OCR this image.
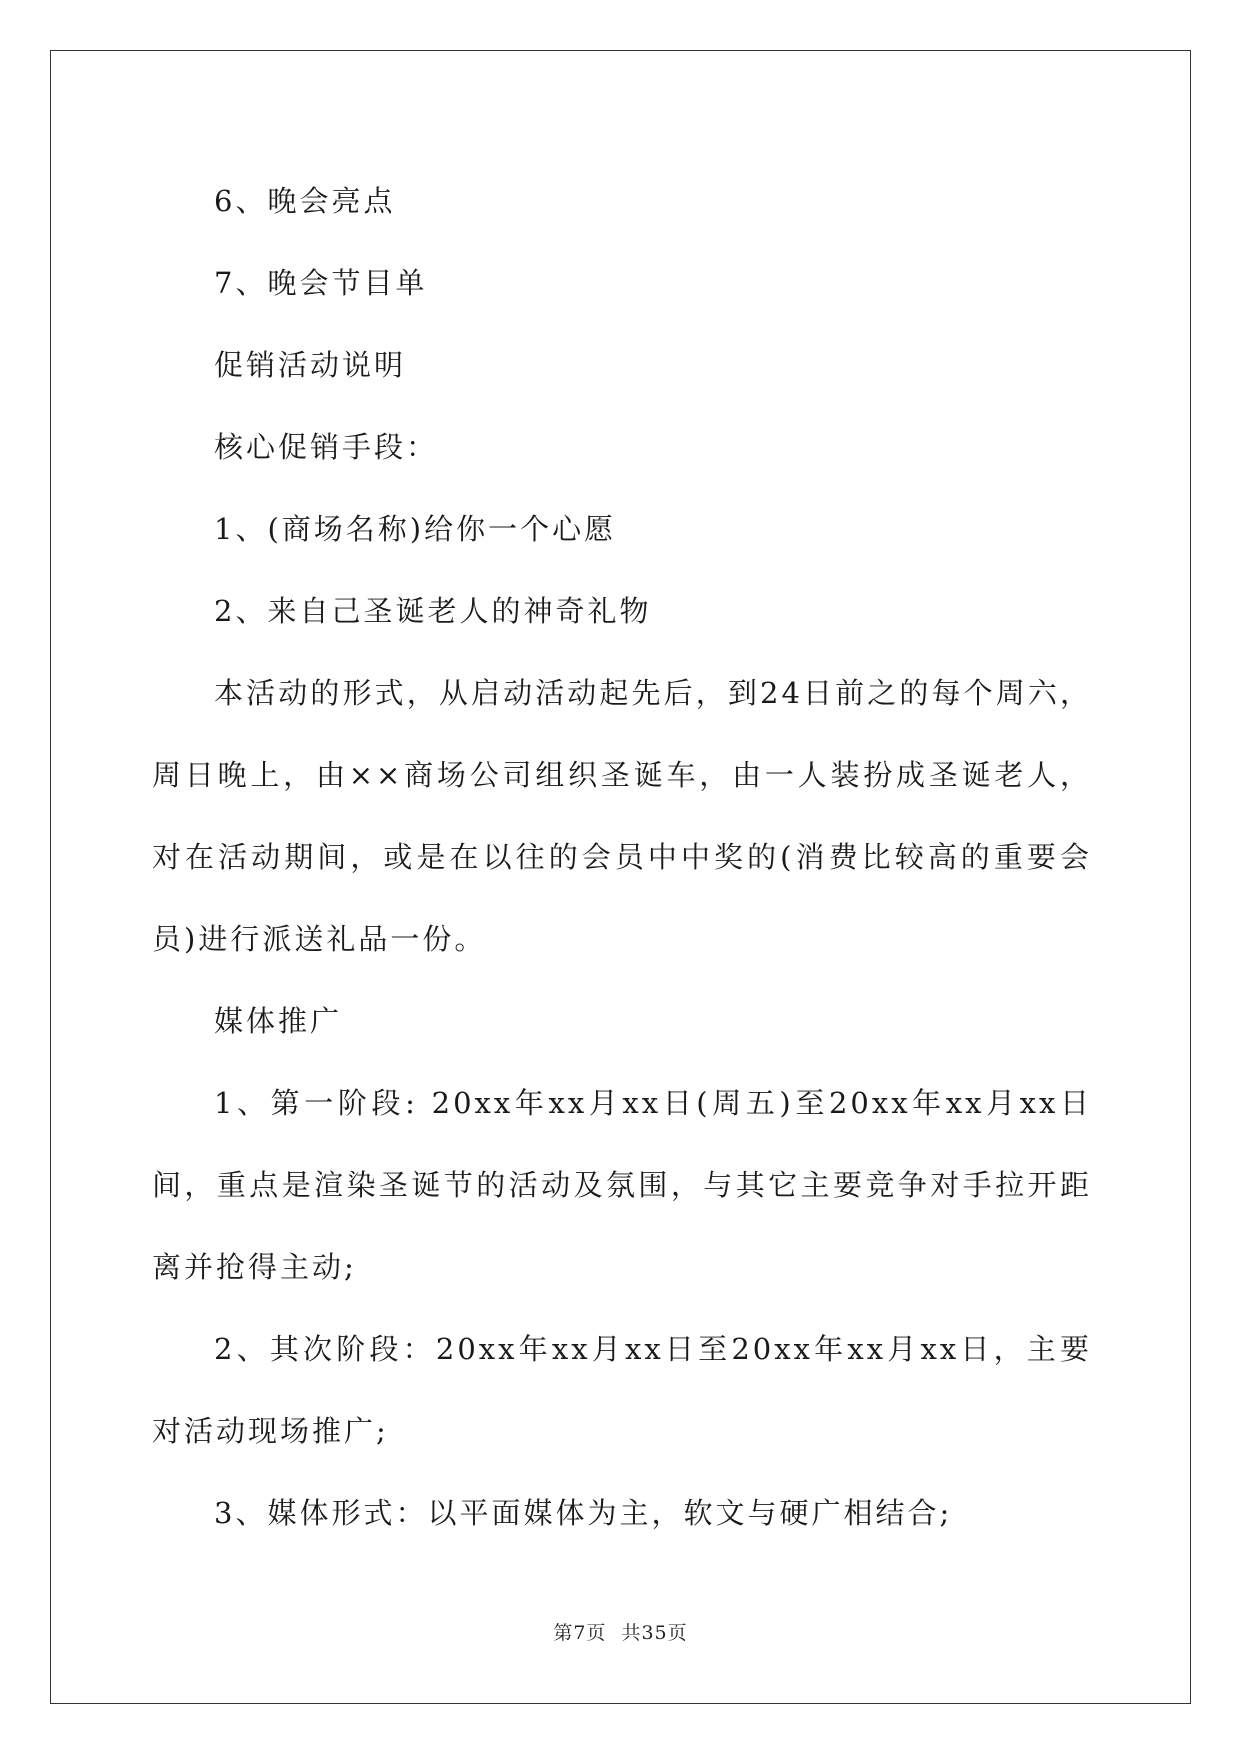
6、晚会亮点

7、晚会节目单

促销活动说明

核心促销手段：

1、(商场名称)给你一个心愿

2、来自己圣诞老人的神奇礼物

本活动的形式，从启动活动起先后，到24日前之的每个周六，周日晚上，由××商场公司组织圣诞车，由一人装扮成圣诞老人，对在活动期间，或是在以往的会员中中奖的(消费比较高的重要会员)进行派送礼品一份。

媒体推广

1、第一阶段: 20xx年xx月xx日(周五)至20xx年xx月xx日间，重点是渲染圣诞节的活动及氛围，与其它主要竞争对手拉开距离并抢得主动;

2、其次阶段：20xx年xx月xx日至20xx年xx月xx日，主要对活动现场推广;

3、媒体形式：以平面媒体为主，软文与硬广相结合;

第7页 共35页
